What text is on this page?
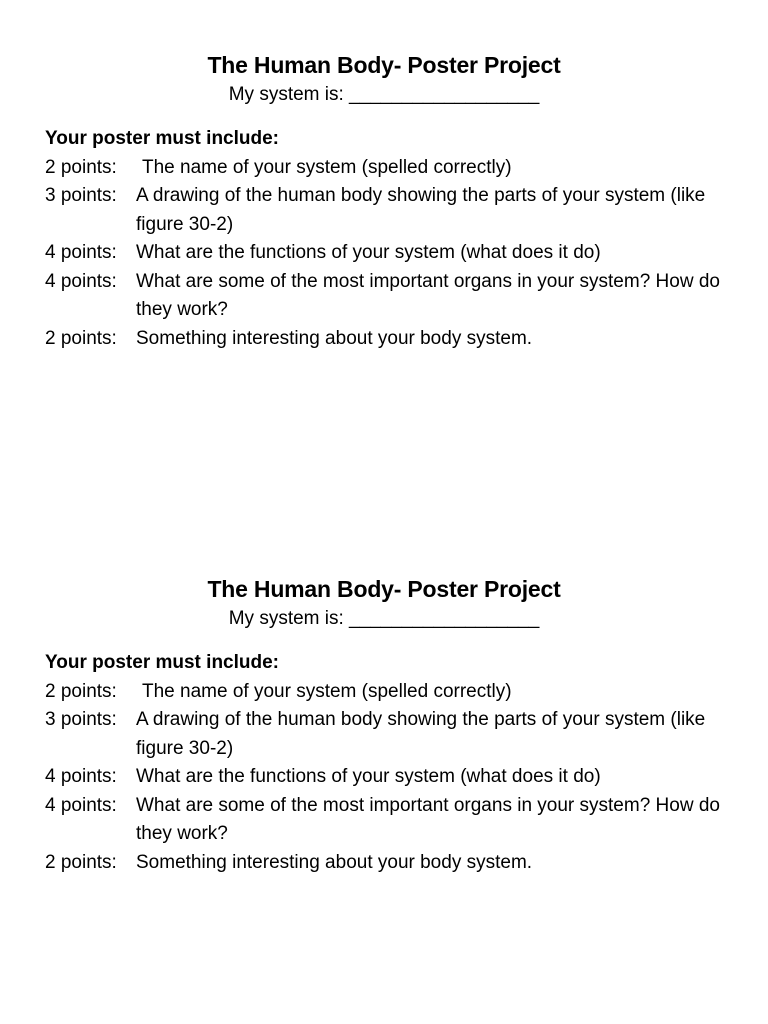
The Human Body- Poster Project

My system is: __________________

Your poster must include:

2 points:	The name of your system (spelled correctly)
3 points:	A drawing of the human body showing the parts of your system (like figure 30-2)
4 points:	What are the functions of your system (what does it do)
4 points:	What are some of the most important organs in your system? How do they work?
2 points:	Something interesting about your body system.
The Human Body- Poster Project

My system is: __________________

Your poster must include:

2 points:	The name of your system (spelled correctly)
3 points:	A drawing of the human body showing the parts of your system (like figure 30-2)
4 points:	What are the functions of your system (what does it do)
4 points:	What are some of the most important organs in your system? How do they work?
2 points:	Something interesting about your body system.
